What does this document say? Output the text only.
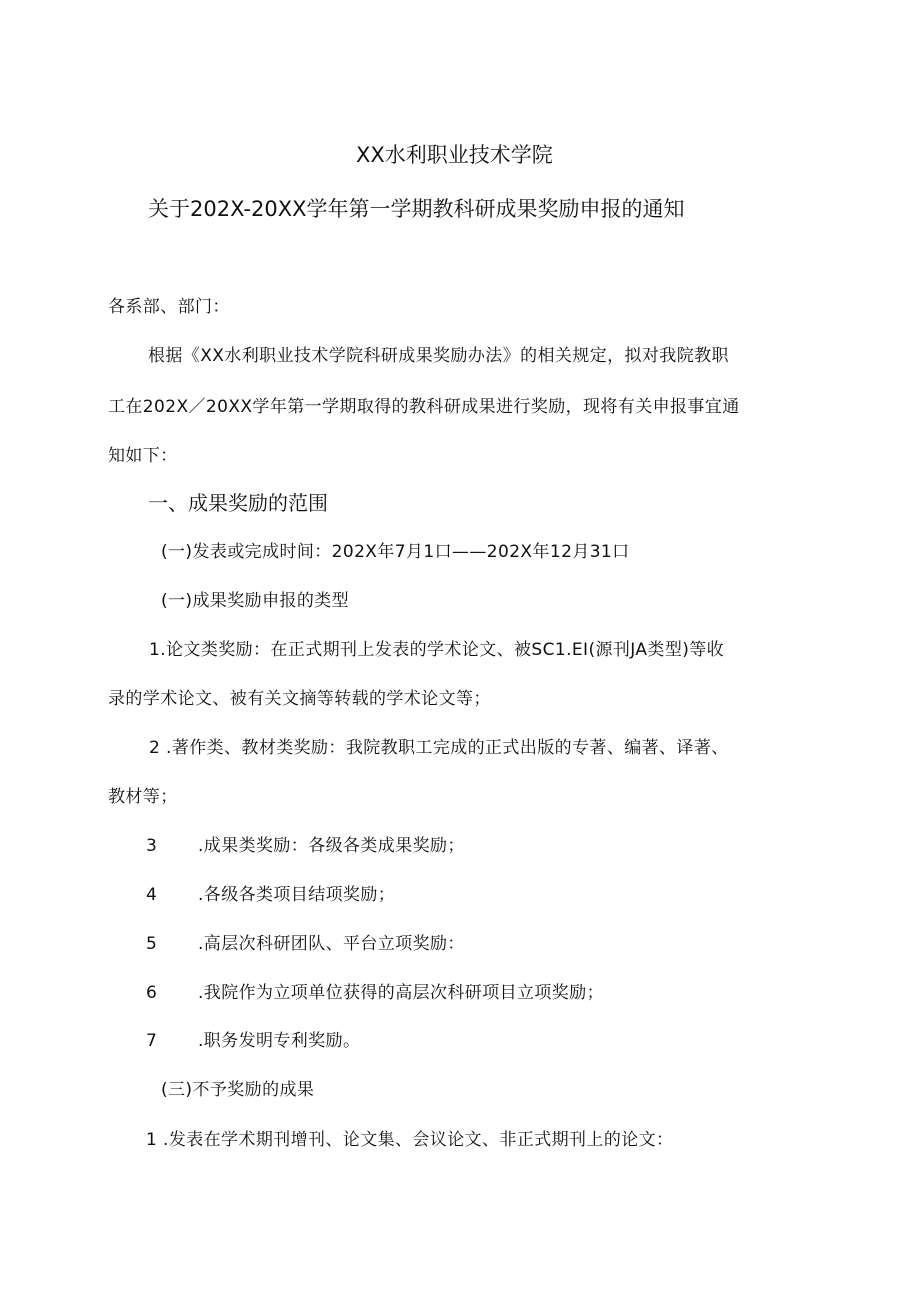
XX水利职业技术学院
关于202X-20XX学年第一学期教科研成果奖励申报的通知
各系部、部门：
根据《XX水利职业技术学院科研成果奖励办法》的相关规定，拟对我院教职
工在202X／20XX学年第一学期取得的教科研成果进行奖励，现将有关申报事宜通
知如下：
一、成果奖励的范围
(一)发表或完成时间：202X年7月1口——202X年12月31口
(一)成果奖励申报的类型
1.论文类奖励：在正式期刊上发表的学术论文、被SC1.EI(源刊JA类型)等收
录的学术论文、被有关文摘等转载的学术论文等；
2 .著作类、教材类奖励：我院教职工完成的正式出版的专著、编著、译著、
教材等；
3 .成果类奖励：各级各类成果奖励；
4 .各级各类项目结项奖励；
5 .高层次科研团队、平台立项奖励：
6 .我院作为立项单位获得的高层次科研项目立项奖励；
7 .职务发明专利奖励。
(三)不予奖励的成果
1 .发表在学术期刊增刊、论文集、会议论文、非正式期刊上的论文：
